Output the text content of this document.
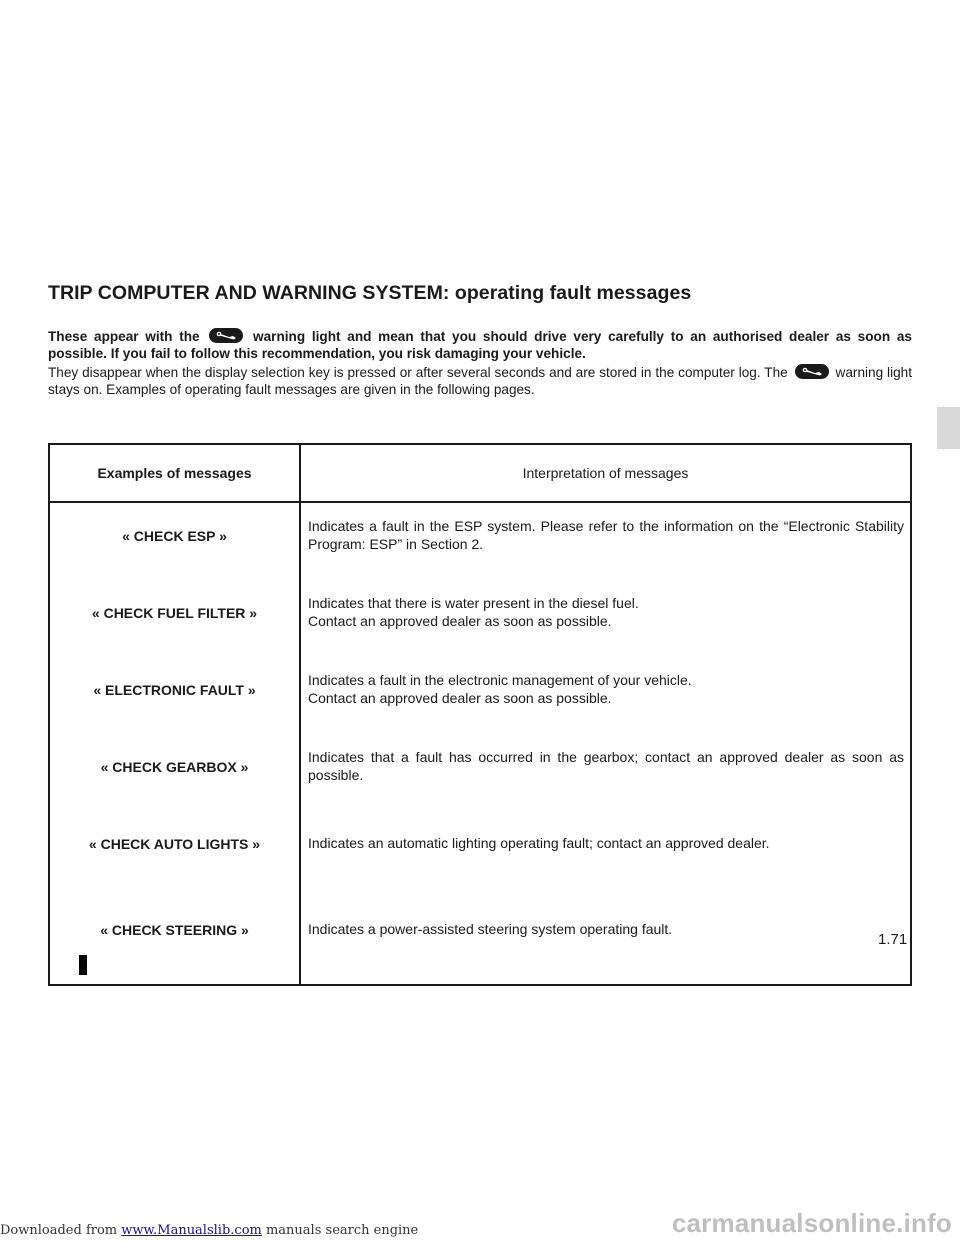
TRIP COMPUTER AND WARNING SYSTEM: operating fault messages

These appear with the	warning light and mean that you should drive very carefully to an authorised dealer as soon as possible. If you fail to follow this recommendation, you risk damaging your vehicle.

They disappear when the display selection key is pressed or after several seconds and are stored in the computer log. The	warning light stays on. Examples of operating fault messages are given in the following pages.

Examples of messages	Interpretation of messages

« CHECK ESP »	Indicates a fault in the ESP system. Please refer to the information on the “Electronic Stability Program: ESP” in Section 2.

« CHECK FUEL FILTER »	Indicates that there is water present in the diesel fuel.
Contact an approved dealer as soon as possible.

« ELECTRONIC FAULT »	Indicates a fault in the electronic management of your vehicle.
Contact an approved dealer as soon as possible.

« CHECK GEARBOX »	Indicates that a fault has occurred in the gearbox; contact an approved dealer as soon as possible.

« CHECK AUTO LIGHTS »	Indicates an automatic lighting operating fault; contact an approved dealer.

« CHECK STEERING »	Indicates a power-assisted steering system operating fault.
1.71
Downloaded from www.Manualslib.com manuals search engine	carmanualsonline.info
